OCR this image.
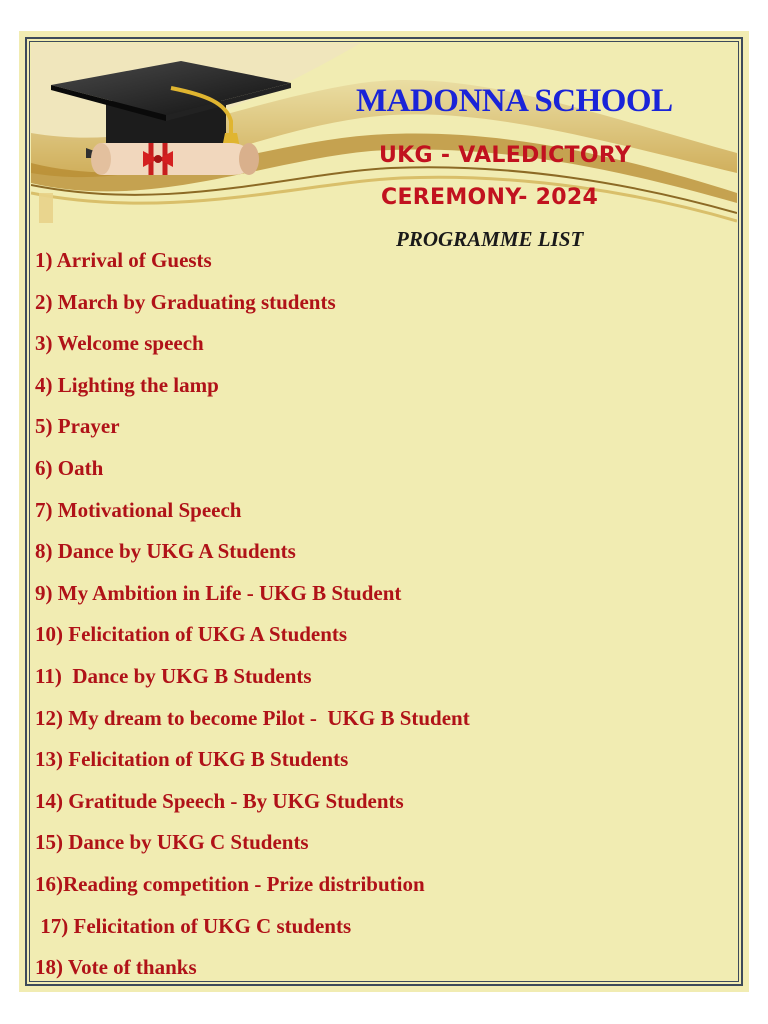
MADONNA SCHOOL
UKG - VALEDICTORY
CEREMONY- 2024
PROGRAMME LIST
1) Arrival of Guests
2) March by Graduating students
3) Welcome speech
4) Lighting the lamp
5) Prayer
6) Oath
7) Motivational Speech
8) Dance by UKG A Students
9) My Ambition in Life - UKG B Student
10) Felicitation of UKG A Students
11)  Dance by UKG B Students
12) My dream to become Pilot -  UKG B Student
13) Felicitation of UKG B Students
14) Gratitude Speech - By UKG Students
15) Dance by UKG C Students
16)Reading competition - Prize distribution
17) Felicitation of UKG C students
18) Vote of thanks
